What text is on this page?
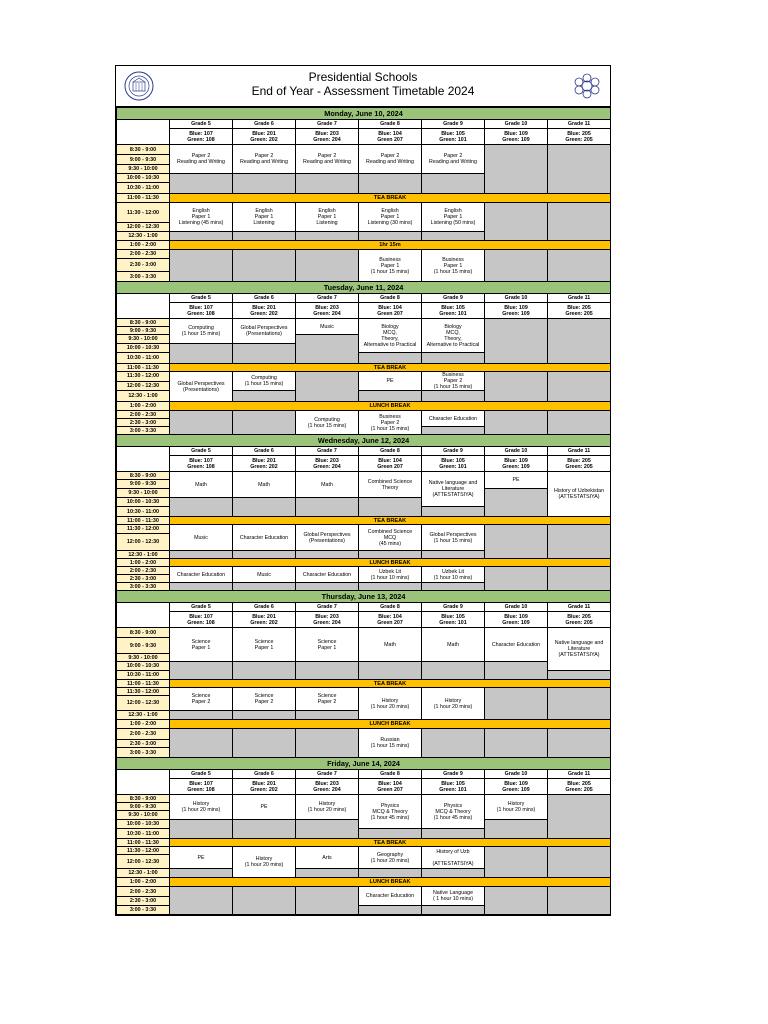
Presidential Schools
End of Year - Assessment Timetable 2024
Monday, June 10, 2024							
	Grade 5	Grade 6	Grade 7	Grade 8	Grade 9	Grade 10	Grade 11
	Blue: 107
Green: 108	Blue: 201
Green: 202	Blue: 203
Green: 204	Blue: 104
Green 207	Blue: 105
Green: 101	Blue: 109
Green: 109	Blue: 205
Green: 205
8:30 - 9:00	Paper 2
Reading and Writing	Paper 2
Reading and Writing	Paper 2
Reading and Writing	Paper 2
Reading and Writing	Paper 2
Reading and Writing		
9:00 - 9:30							
9:30 - 10:00							
10:00 - 10:30							
10:30 - 11:00							
11:00 - 11:30	TEA BREAK						
11:30 - 12:00	English
Paper 1
Listening (45 mins)	English
Paper 1
Listening	English
Paper 1
Listening	English
Paper 1
Listening (30 mins)	English
Paper 1
Listening (50 mins)		
12:00 - 12:30							
12:30 - 1:00							
1:00 - 2:00	1hr 15m						
2:00 - 2:30				Business
Paper 1
(1 hour 15 mins)	Business
Paper 1
(1 hour 15 mins)		
2:30 - 3:00							
3:00 - 3:30							
Tuesday, June 11, 2024							
	Grade 5	Grade 6	Grade 7	Grade 8	Grade 9	Grade 10	Grade 11
	Blue: 107
Green: 108	Blue: 201
Green: 202	Blue: 203
Green: 204	Blue: 104
Green 207	Blue: 105
Green: 101	Blue: 109
Green: 109	Blue: 205
Green: 205
8:30 - 9:00	Computing
(1 hour 15 mins)	Global Perspectives
(Presentations)	Music	Biology
MCQ,
Theory,
Alternative to Practical	Biology
MCQ,
Theory,
Alternative to Practical		
9:00 - 9:30							
9:30 - 10:00							
10:00 - 10:30							
10:30 - 11:00							
11:00 - 11:30	TEA BREAK						
11:30 - 12:00	Global Perspectives
(Presentations)	Computing
(1 hour 15 mins)		PE	Business
Paper 2
(1 hour 15 mins)		
12:00 - 12:30							
12:30 - 1:00							
1:00 - 2:00	LUNCH BREAK						
2:00 - 2:30			Computing
(1 hour 15 mins)	Business
Paper 2
(1 hour 15 mins)	Character Education		
2:30 - 3:00							
3:00 - 3:30							
Wednesday, June 12, 2024							
	Grade 5	Grade 6	Grade 7	Grade 8	Grade 9	Grade 10	Grade 11
	Blue: 107
Green: 108	Blue: 201
Green: 202	Blue: 203
Green: 204	Blue: 104
Green 207	Blue: 105
Green: 101	Blue: 109
Green: 109	Blue: 205
Green: 205
8:30 - 9:00	Math	Math	Math	Combined Science
Theory	Native language and
Literature
(ATTESTATSIYA)	PE	History of Uzbekistan
(ATTESTATSIYA)
9:00 - 9:30							
9:30 - 10:00							
10:00 - 10:30							
10:30 - 11:00							
11:00 - 11:30	TEA BREAK						
11:30 - 12:00	Music	Character Education	Global Perspectives
(Presentations)	Combined Science
MCQ
(45 mins)	Global Perspectives
(1 hour 15 mins)		
12:00 - 12:30							
12:30 - 1:00							
1:00 - 2:00	LUNCH BREAK						
2:00 - 2:30	Character Education	Music	Character Education	Uzbek Lit
(1 hour 10 mins)	Uzbek Lit
(1 hour 10 mins)		
2:30 - 3:00							
3:00 - 3:30							
Thursday, June 13, 2024							
	Grade 5	Grade 6	Grade 7	Grade 8	Grade 9	Grade 10	Grade 11
	Blue: 107
Green: 108	Blue: 201
Green: 202	Blue: 203
Green: 204	Blue: 104
Green 207	Blue: 105
Green: 101	Blue: 109
Green: 109	Blue: 205
Green: 205
8:30 - 9:00	Science
Paper 1	Science
Paper 1	Science
Paper 1	Math	Math	Character Education	Native language and
Literature
(ATTESTATSIYA)
9:00 - 9:30							
9:30 - 10:00							
10:00 - 10:30							
10:30 - 11:00							
11:00 - 11:30	TEA BREAK						
11:30 - 12:00	Science
Paper 2	Science
Paper 2	Science
Paper 2	History
(1 hour 20 mins)	History
(1 hour 20 mins)		
12:00 - 12:30							
12:30 - 1:00							
1:00 - 2:00	LUNCH BREAK						
2:00 - 2:30				Russian
(1 hour 15 mins)			
2:30 - 3:00							
3:00 - 3:30							
Friday, June 14, 2024							
	Grade 5	Grade 6	Grade 7	Grade 8	Grade 9	Grade 10	Grade 11
	Blue: 107
Green: 108	Blue: 201
Green: 202	Blue: 203
Green: 204	Blue: 104
Green 207	Blue: 105
Green: 101	Blue: 109
Green: 109	Blue: 205
Green: 205
8:30 - 9:00	History
(1 hour 20 mins)	PE	History
(1 hour 20 mins)	Physics
MCQ & Theory
(1 hour 45 mins)	Physics
MCQ & Theory
(1 hour 45 mins)	History
(1 hour 20 mins)	
9:00 - 9:30							
9:30 - 10:00							
10:00 - 10:30							
10:30 - 11:00							
11:00 - 11:30	TEA BREAK						
11:30 - 12:00	PE	History
(1 hour 20 mins)	Arts	Geography
(1 hour 20 mins)	History of Uzb

(ATTESTATSIYA)		
12:00 - 12:30							
12:30 - 1:00							
1:00 - 2:00	LUNCH BREAK						
2:00 - 2:30				Character Education	Native Language
( 1 hour 10 mins)		
2:30 - 3:00							
3:00 - 3:30							
